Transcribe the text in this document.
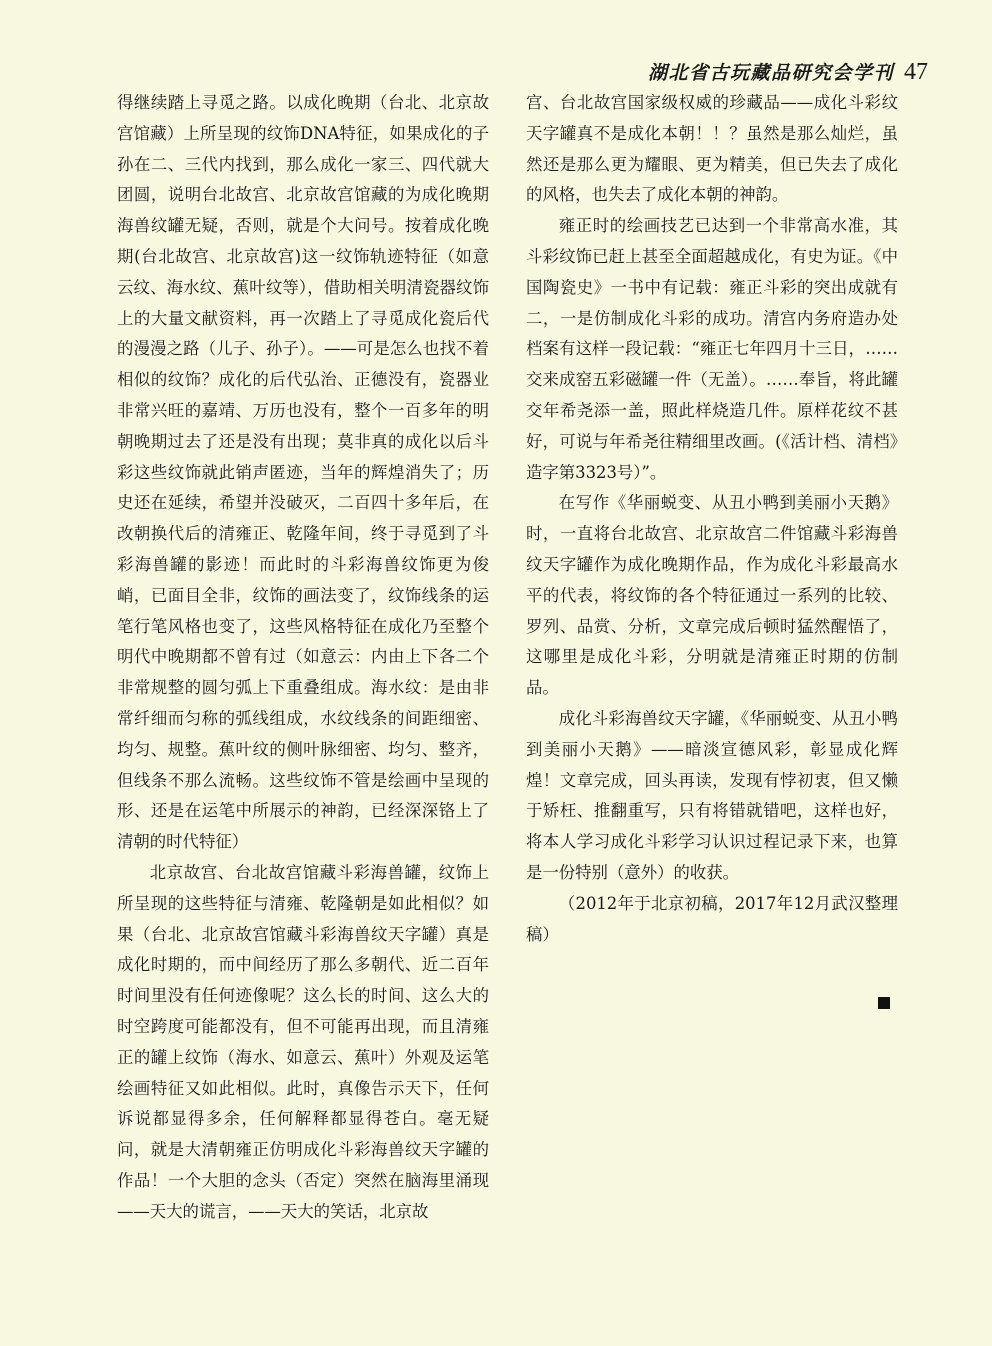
湖北省古玩藏品研究会学刊 47

得继续踏上寻觅之路。以成化晚期（台北、北京故宫馆藏）上所呈现的纹饰DNA特征，如果成化的子孙在二、三代内找到，那么成化一家三、四代就大团圆，说明台北故宫、北京故宫馆藏的为成化晚期海兽纹罐无疑，否则，就是个大问号。按着成化晚期(台北故宫、北京故宫)这一纹饰轨迹特征（如意云纹、海水纹、蕉叶纹等），借助相关明清瓷器纹饰上的大量文献资料，再一次踏上了寻觅成化瓷后代的漫漫之路（儿子、孙子）。——可是怎么也找不着相似的纹饰？成化的后代弘治、正德没有，瓷器业非常兴旺的嘉靖、万历也没有，整个一百多年的明朝晚期过去了还是没有出现；莫非真的成化以后斗彩这些纹饰就此销声匿迹，当年的辉煌消失了；历史还在延续，希望并没破灭，二百四十多年后，在改朝换代后的清雍正、乾隆年间，终于寻觅到了斗彩海兽罐的影迹！而此时的斗彩海兽纹饰更为俊峭，已面目全非，纹饰的画法变了，纹饰线条的运笔行笔风格也变了，这些风格特征在成化乃至整个明代中晚期都不曾有过（如意云：内由上下各二个非常规整的圆匀弧上下重叠组成。海水纹：是由非常纤细而匀称的弧线组成，水纹线条的间距细密、均匀、规整。蕉叶纹的侧叶脉细密、均匀、整齐，但线条不那么流畅。这些纹饰不管是绘画中呈现的形、还是在运笔中所展示的神韵，已经深深铬上了清朝的时代特征）

北京故宫、台北故宫馆藏斗彩海兽罐，纹饰上所呈现的这些特征与清雍、乾隆朝是如此相似？如果（台北、北京故宫馆藏斗彩海兽纹天字罐）真是成化时期的，而中间经历了那么多朝代、近二百年时间里没有任何迹像呢？这么长的时间、这么大的时空跨度可能都没有，但不可能再出现，而且清雍正的罐上纹饰（海水、如意云、蕉叶）外观及运笔绘画特征又如此相似。此时，真像告示天下，任何诉说都显得多余，任何解释都显得苍白。毫无疑问，就是大清朝雍正仿明成化斗彩海兽纹天字罐的作品！一个大胆的念头（否定）突然在脑海里涌现——天大的谎言，——天大的笑话，北京故

宫、台北故宫国家级权威的珍藏品——成化斗彩纹天字罐真不是成化本朝！！？虽然是那么灿烂，虽然还是那么更为耀眼、更为精美，但已失去了成化的风格，也失去了成化本朝的神韵。

雍正时的绘画技艺已达到一个非常高水准，其斗彩纹饰已赶上甚至全面超越成化，有史为证。《中国陶瓷史》一书中有记载：雍正斗彩的突出成就有二，一是仿制成化斗彩的成功。清宫内务府造办处档案有这样一段记载：“雍正七年四月十三日，……交来成窑五彩磁罐一件（无盖）。……奉旨，将此罐交年希尧添一盖，照此样烧造几件。原样花纹不甚好，可说与年希尧往精细里改画。(《活计档、清档》造字第3323号）”。

在写作《华丽蜕变、从丑小鸭到美丽小天鹅》时，一直将台北故宫、北京故宫二件馆藏斗彩海兽纹天字罐作为成化晚期作品，作为成化斗彩最高水平的代表，将纹饰的各个特征通过一系列的比较、罗列、品赏、分析，文章完成后顿时猛然醒悟了，这哪里是成化斗彩，分明就是清雍正时期的仿制品。

成化斗彩海兽纹天字罐，《华丽蜕变、从丑小鸭到美丽小天鹅》——暗淡宣德风彩，彰显成化辉煌！文章完成，回头再读，发现有悖初衷，但又懒于矫枉、推翻重写，只有将错就错吧，这样也好，将本人学习成化斗彩学习认识过程记录下来，也算是一份特别（意外）的收获。

（2012年于北京初稿，2017年12月武汉整理稿）
